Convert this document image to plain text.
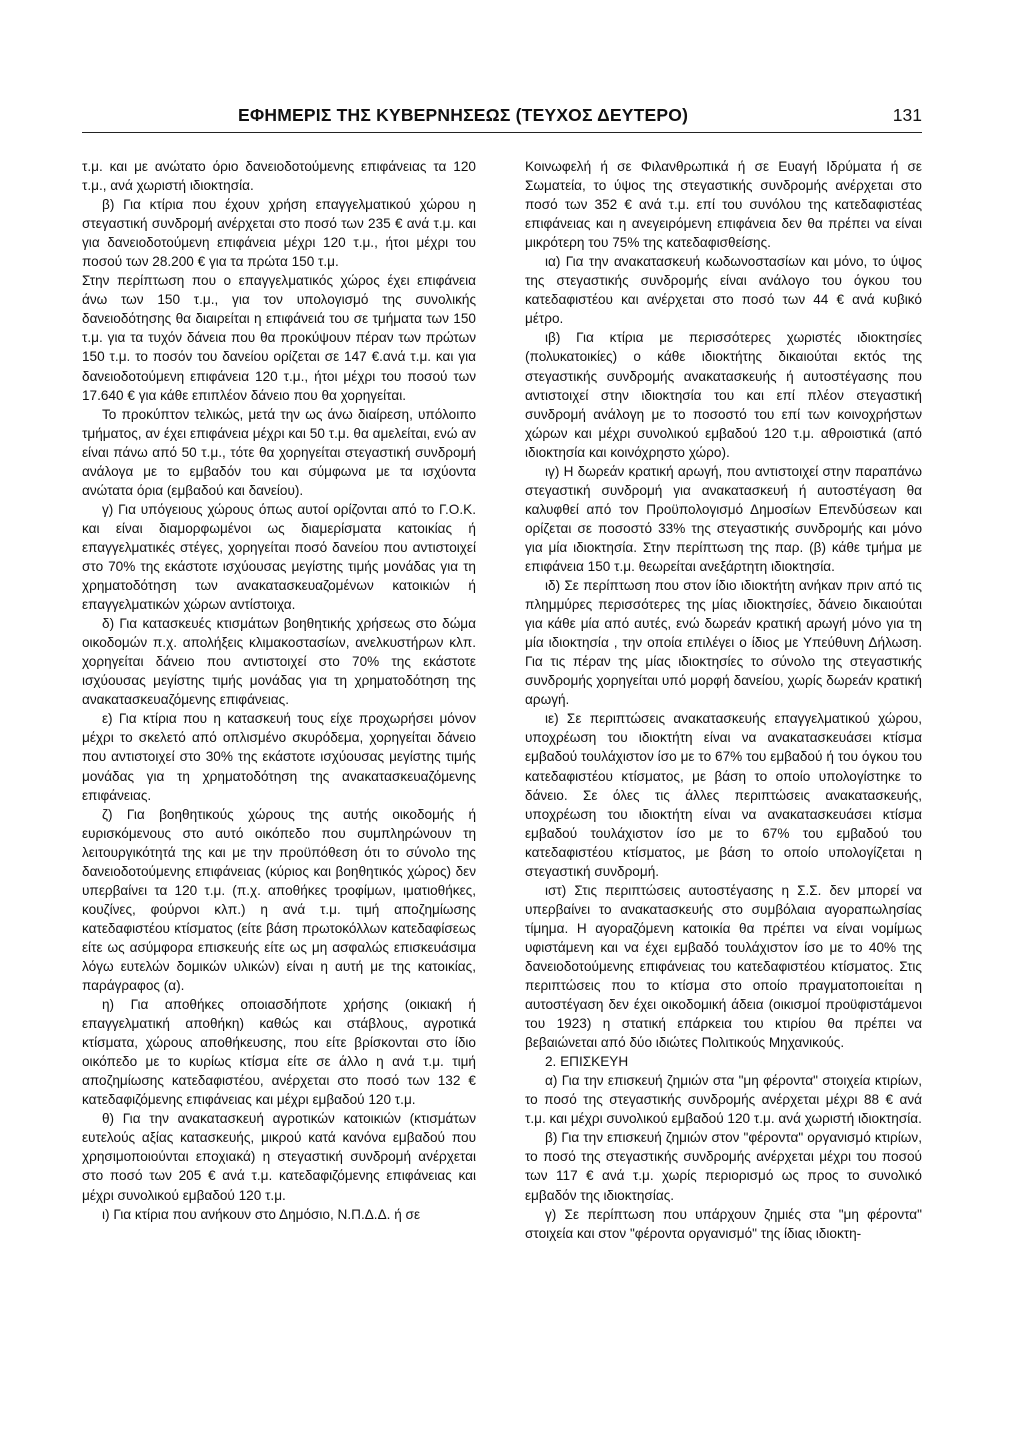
ΕΦΗΜΕΡΙΣ ΤΗΣ ΚΥΒΕΡΝΗΣΕΩΣ (ΤΕΥΧΟΣ ΔΕΥΤΕΡΟ)	131

τ.μ. και με ανώτατο όριο δανειοδοτούμενης επιφάνειας τα 120 τ.μ., ανά χωριστή ιδιοκτησία.

β) Για κτίρια που έχουν χρήση επαγγελματικού χώρου η στεγαστική συνδρομή ανέρχεται στο ποσό των 235 € ανά τ.μ. και για δανειοδοτούμενη επιφάνεια μέχρι 120 τ.μ., ήτοι μέχρι του ποσού των 28.200 € για τα πρώτα 150 τ.μ.

Στην περίπτωση που ο επαγγελματικός χώρος έχει επιφάνεια άνω των 150 τ.μ., για τον υπολογισμό της συνολικής δανειοδότησης θα διαιρείται η επιφάνειά του σε τμήματα των 150 τ.μ. για τα τυχόν δάνεια που θα προκύψουν πέραν των πρώτων 150 τ.μ. το ποσόν του δανείου ορίζεται σε 147 €.ανά τ.μ. και για δανειοδοτούμενη επιφάνεια 120 τ.μ., ήτοι μέχρι του ποσού των 17.640 € για κάθε επιπλέον δάνειο που θα χορηγείται.

Το προκύπτον τελικώς, μετά την ως άνω διαίρεση, υπόλοιπο τμήματος, αν έχει επιφάνεια μέχρι και 50 τ.μ. θα αμελείται, ενώ αν είναι πάνω από 50 τ.μ., τότε θα χορηγείται στεγαστική συνδρομή ανάλογα με το εμβαδόν του και σύμφωνα με τα ισχύοντα ανώτατα όρια (εμβαδού και δανείου).

γ) Για υπόγειους χώρους όπως αυτοί ορίζονται από το Γ.Ο.Κ. και είναι διαμορφωμένοι ως διαμερίσματα κατοικίας ή επαγγελματικές στέγες, χορηγείται ποσό δανείου που αντιστοιχεί στο 70% της εκάστοτε ισχύουσας μεγίστης τιμής μονάδας για τη χρηματοδότηση των ανακατασκευαζομένων κατοικιών ή επαγγελματικών χώρων αντίστοιχα.

δ) Για κατασκευές κτισμάτων βοηθητικής χρήσεως στο δώμα οικοδομών π.χ. απολήξεις κλιμακοστασίων, ανελκυστήρων κλπ. χορηγείται δάνειο που αντιστοιχεί στο 70% της εκάστοτε ισχύουσας μεγίστης τιμής μονάδας για τη χρηματοδότηση της ανακατασκευαζόμενης επιφάνειας.

ε) Για κτίρια που η κατασκευή τους είχε προχωρήσει μόνον μέχρι το σκελετό από οπλισμένο σκυρόδεμα, χορηγείται δάνειο που αντιστοιχεί στο 30% της εκάστοτε ισχύουσας μεγίστης τιμής μονάδας για τη χρηματοδότηση της ανακατασκευαζόμενης επιφάνειας.

ζ) Για βοηθητικούς χώρους της αυτής οικοδομής ή ευρισκόμενους στο αυτό οικόπεδο που συμπληρώνουν τη λειτουργικότητά της και με την προϋπόθεση ότι το σύνολο της δανειοδοτούμενης επιφάνειας (κύριος και βοηθητικός χώρος) δεν υπερβαίνει τα 120 τ.μ. (π.χ. αποθήκες τροφίμων, ιματιοθήκες, κουζίνες, φούρνοι κλπ.) η ανά τ.μ. τιμή αποζημίωσης κατεδαφιστέου κτίσματος (είτε βάση πρωτοκόλλων κατεδαφίσεως είτε ως ασύμφορα επισκευής είτε ως μη ασφαλώς επισκευάσιμα λόγω ευτελών δομικών υλικών) είναι η αυτή με της κατοικίας, παράγραφος (α).

η) Για αποθήκες οποιασδήποτε χρήσης (οικιακή ή επαγγελματική αποθήκη) καθώς και στάβλους, αγροτικά κτίσματα, χώρους αποθήκευσης, που είτε βρίσκονται στο ίδιο οικόπεδο με το κυρίως κτίσμα είτε σε άλλο η ανά τ.μ. τιμή αποζημίωσης κατεδαφιστέου, ανέρχεται στο ποσό των 132 € κατεδαφιζόμενης επιφάνειας και μέχρι εμβαδού 120 τ.μ.

θ) Για την ανακατασκευή αγροτικών κατοικιών (κτισμάτων ευτελούς αξίας κατασκευής, μικρού κατά κανόνα εμβαδού που χρησιμοποιούνται εποχιακά) η στεγαστική συνδρομή ανέρχεται στο ποσό των 205 € ανά τ.μ. κατεδαφιζόμενης επιφάνειας και μέχρι συνολικού εμβαδού 120 τ.μ.

ι) Για κτίρια που ανήκουν στο Δημόσιο, Ν.Π.Δ.Δ. ή σε

Κοινωφελή ή σε Φιλανθρωπικά ή σε Ευαγή Ιδρύματα ή σε Σωματεία, το ύψος της στεγαστικής συνδρομής ανέρχεται στο ποσό των 352 € ανά τ.μ. επί του συνόλου της κατεδαφιστέας επιφάνειας και η ανεγειρόμενη επιφάνεια δεν θα πρέπει να είναι μικρότερη του 75% της κατεδαφισθείσης.

ια) Για την ανακατασκευή κωδωνοστασίων και μόνο, το ύψος της στεγαστικής συνδρομής είναι ανάλογο του όγκου του κατεδαφιστέου και ανέρχεται στο ποσό των 44 € ανά κυβικό μέτρο.

ιβ) Για κτίρια με περισσότερες χωριστές ιδιοκτησίες (πολυκατοικίες) ο κάθε ιδιοκτήτης δικαιούται εκτός της στεγαστικής συνδρομής ανακατασκευής ή αυτοστέγασης που αντιστοιχεί στην ιδιοκτησία του και επί πλέον στεγαστική συνδρομή ανάλογη με το ποσοστό του επί των κοινοχρήστων χώρων και μέχρι συνολικού εμβαδού 120 τ.μ. αθροιστικά (από ιδιοκτησία και κοινόχρηστο χώρο).

ιγ) Η δωρεάν κρατική αρωγή, που αντιστοιχεί στην παραπάνω στεγαστική συνδρομή για ανακατασκευή ή αυτοστέγαση θα καλυφθεί από τον Προϋπολογισμό Δημοσίων Επενδύσεων και ορίζεται σε ποσοστό 33% της στεγαστικής συνδρομής και μόνο για μία ιδιοκτησία. Στην περίπτωση της παρ. (β) κάθε τμήμα με επιφάνεια 150 τ.μ. θεωρείται ανεξάρτητη ιδιοκτησία.

ιδ) Σε περίπτωση που στον ίδιο ιδιοκτήτη ανήκαν πριν από τις πλημμύρες περισσότερες της μίας ιδιοκτησίες, δάνειο δικαιούται για κάθε μία από αυτές, ενώ δωρεάν κρατική αρωγή μόνο για τη μία ιδιοκτησία , την οποία επιλέγει ο ίδιος με Υπεύθυνη Δήλωση. Για τις πέραν της μίας ιδιοκτησίες το σύνολο της στεγαστικής συνδρομής χορηγείται υπό μορφή δανείου, χωρίς δωρεάν κρατική αρωγή.

ιε) Σε περιπτώσεις ανακατασκευής επαγγελματικού χώρου, υποχρέωση του ιδιοκτήτη είναι να ανακατασκευάσει κτίσμα εμβαδού τουλάχιστον ίσο με το 67% του εμβαδού ή του όγκου του κατεδαφιστέου κτίσματος, με βάση το οποίο υπολογίστηκε το δάνειο. Σε όλες τις άλλες περιπτώσεις ανακατασκευής, υποχρέωση του ιδιοκτήτη είναι να ανακατασκευάσει κτίσμα εμβαδού τουλάχιστον ίσο με το 67% του εμβαδού του κατεδαφιστέου κτίσματος, με βάση το οποίο υπολογίζεται η στεγαστική συνδρομή.

ιστ) Στις περιπτώσεις αυτοστέγασης η Σ.Σ. δεν μπορεί να υπερβαίνει το ανακατασκευής στο συμβόλαια αγοραπωλησίας τίμημα. Η αγοραζόμενη κατοικία θα πρέπει να είναι νομίμως υφιστάμενη και να έχει εμβαδό τουλάχιστον ίσο με το 40% της δανειοδοτούμενης επιφάνειας του κατεδαφιστέου κτίσματος. Στις περιπτώσεις που το κτίσμα στο οποίο πραγματοποιείται η αυτοστέγαση δεν έχει οικοδομική άδεια (οικισμοί προϋφιστάμενοι του 1923) η στατική επάρκεια του κτιρίου θα πρέπει να βεβαιώνεται από δύο ιδιώτες Πολιτικούς Μηχανικούς.

2. ΕΠΙΣΚΕΥΗ

α) Για την επισκευή ζημιών στα "μη φέροντα" στοιχεία κτιρίων, το ποσό της στεγαστικής συνδρομής ανέρχεται μέχρι 88 € ανά τ.μ. και μέχρι συνολικού εμβαδού 120 τ.μ. ανά χωριστή ιδιοκτησία.

β) Για την επισκευή ζημιών στον "φέροντα" οργανισμό κτιρίων, το ποσό της στεγαστικής συνδρομής ανέρχεται μέχρι του ποσού των 117 € ανά τ.μ. χωρίς περιορισμό ως προς το συνολικό εμβαδόν της ιδιοκτησίας.

γ) Σε περίπτωση που υπάρχουν ζημιές στα "μη φέροντα" στοιχεία και στον "φέροντα οργανισμό" της ίδιας ιδιοκτη-
